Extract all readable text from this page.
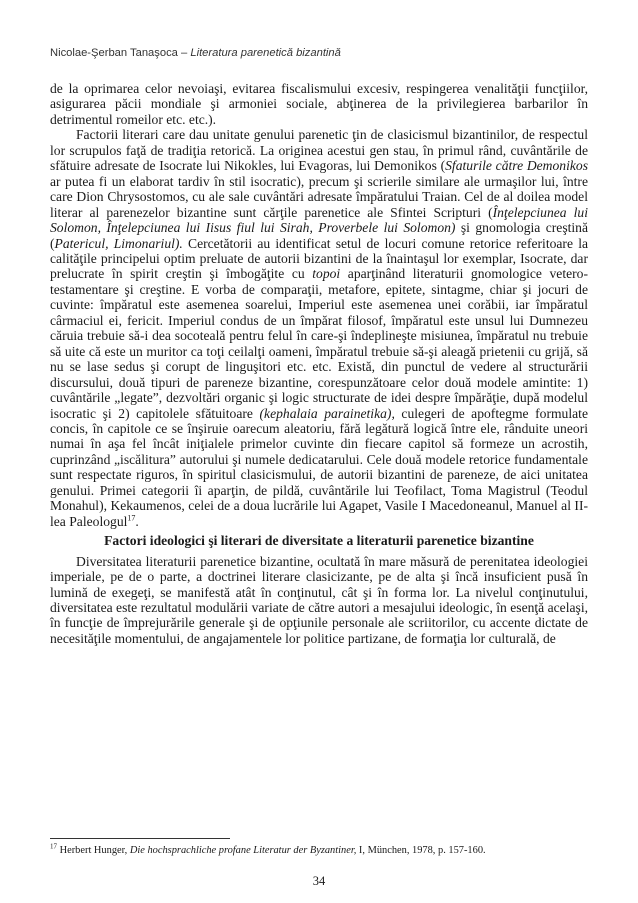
Nicolae-Şerban Tanaşoca – Literatura parenetică bizantină

de la oprimarea celor nevoiaşi, evitarea fiscalismului excesiv, respingerea venalităţii funcţiilor, asigurarea păcii mondiale şi armoniei sociale, abţinerea de la privilegierea barbarilor în detrimentul romeilor etc. etc.).

Factorii literari care dau unitate genului parenetic ţin de clasicismul bizantinilor, de respectul lor scrupulos faţă de tradiţia retorică. La originea acestui gen stau, în primul rând, cuvântările de sfătuire adresate de Isocrate lui Nikokles, lui Evagoras, lui Demonikos (Sfaturile către Demonikos ar putea fi un elaborat tardiv în stil isocratic), precum şi scrierile similare ale urmaşilor lui, între care Dion Chrysostomos, cu ale sale cuvântări adresate împăratului Traian. Cel de al doilea model literar al parenezelor bizantine sunt cărţile parenetice ale Sfintei Scripturi (Înţelepciunea lui Solomon, Înţelepciunea lui Iisus fiul lui Sirah, Proverbele lui Solomon) şi gnomologia creştină (Patericul, Limonariul). Cercetătorii au identificat setul de locuri comune retorice referitoare la calităţile principelui optim preluate de autorii bizantini de la înaintaşul lor exemplar, Isocrate, dar prelucrate în spirit creştin şi îmbogăţite cu topoi aparţinând literaturii gnomologice vetero-testamentare şi creştine. E vorba de comparaţii, metafore, epitete, sintagme, chiar şi jocuri de cuvinte: împăratul este asemenea soarelui, Imperiul este asemenea unei corăbii, iar împăratul cârmaciul ei, fericit. Imperiul condus de un împărat filosof, împăratul este unsul lui Dumnezeu căruia trebuie să-i dea socoteală pentru felul în care-şi îndeplineşte misiunea, împăratul nu trebuie să uite că este un muritor ca toţi ceilalţi oameni, împăratul trebuie să-şi aleagă prietenii cu grijă, să nu se lase sedus şi corupt de linguşitori etc. etc. Există, din punctul de vedere al structurării discursului, două tipuri de pareneze bizantine, corespunzătoare celor două modele amintite: 1) cuvântările „legate”, dezvoltări organic şi logic structurate de idei despre împărăţie, după modelul isocratic şi 2) capitolele sfătuitoare (kephalaia parainetika), culegeri de apoftegme formulate concis, în capitole ce se înşiruie oarecum aleatoriu, fără legătură logică între ele, rânduite uneori numai în aşa fel încât iniţialele primelor cuvinte din fiecare capitol să formeze un acrostih, cuprinzând „iscălitura” autorului şi numele dedicatarului. Cele două modele retorice fundamentale sunt respectate riguros, în spiritul clasicismului, de autorii bizantini de pareneze, de aici unitatea genului. Primei categorii îi aparţin, de pildă, cuvântările lui Teofilact, Toma Magistrul (Teodul Monahul), Kekaumenos, celei de a doua lucrările lui Agapet, Vasile I Macedoneanul, Manuel al II-lea Paleologul$^{17}$.

Factori ideologici şi literari de diversitate a literaturii parenetice bizantine

Diversitatea literaturii parenetice bizantine, ocultată în mare măsură de perenitatea ideologiei imperiale, pe de o parte, a doctrinei literare clasicizante, pe de alta şi încă insuficient pusă în lumină de exegeţi, se manifestă atât în conţinutul, cât şi în forma lor. La nivelul conţinutului, diversitatea este rezultatul modulării variate de către autori a mesajului ideologic, în esenţă acelaşi, în funcţie de împrejurările generale şi de opţiunile personale ale scriitorilor, cu accente dictate de necesităţile momentului, de angajamentele lor politice partizane, de formaţia lor culturală, de

$^{17}$ Herbert Hunger, Die hochsprachliche profane Literatur der Byzantiner, I, München, 1978, p. 157-160.
34
